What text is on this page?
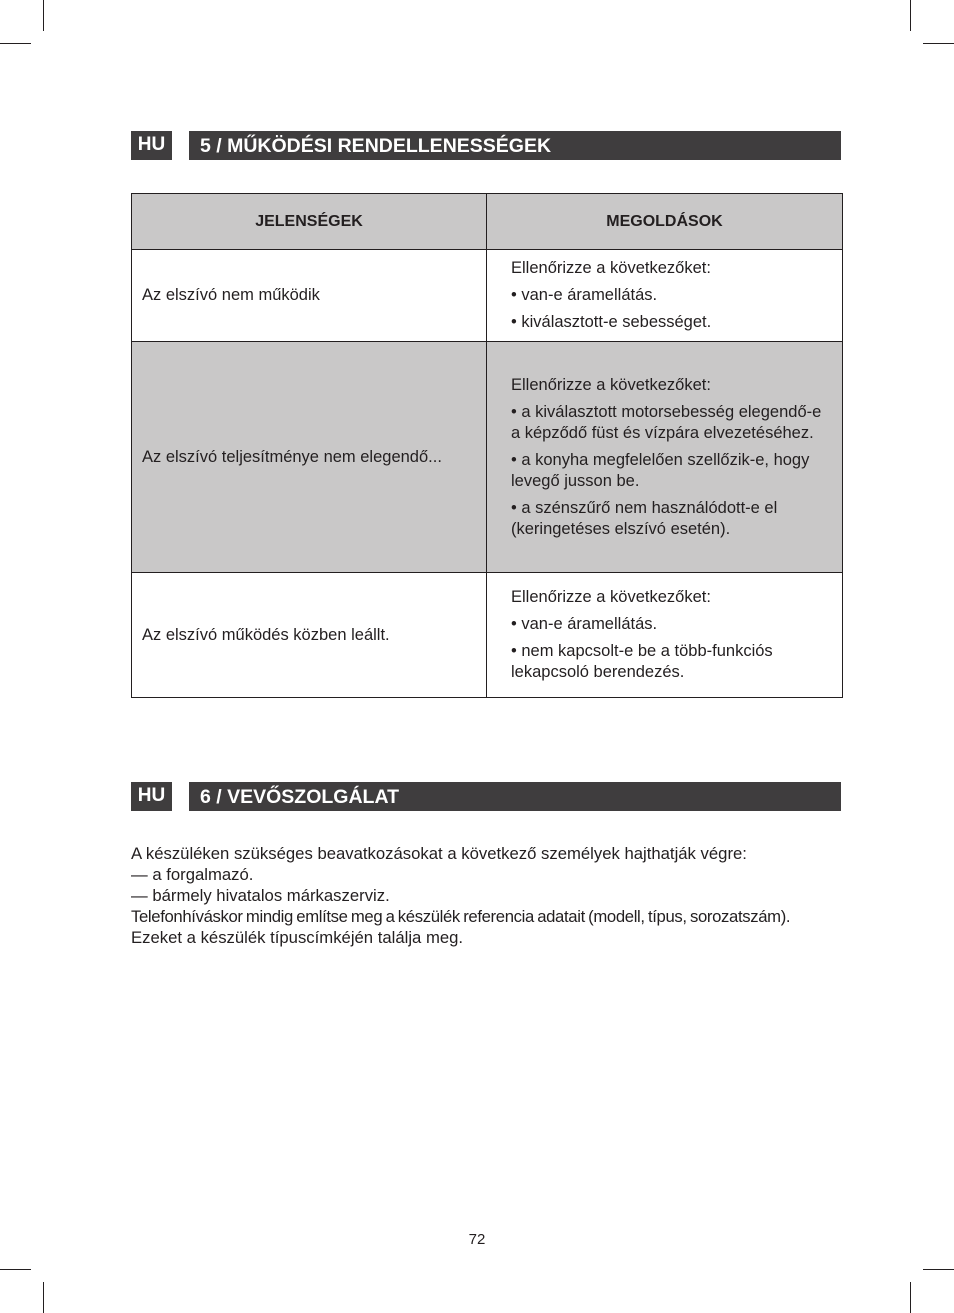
HU	5 / MŰKÖDÉSI RENDELLENESSÉGEK
JELENSÉGEK	MEGOLDÁSOK
Az elszívó nem működik	Ellenőrizze a következőket:

• van-e áramellátás.

• kiválasztott-e sebességet.

Az elszívó teljesítménye nem elegendő...	Ellenőrizze a következőket:

• a kiválasztott motorsebesség elegendő-e a képződő füst és vízpára elvezetéséhez.

• a konyha megfelelően szellőzik-e, hogy levegő jusson be.

• a szénszűrő nem használódott-e el (keringetéses elszívó esetén).

Az elszívó működés közben leállt.	Ellenőrizze a következőket:

• van-e áramellátás.

• nem kapcsolt-e be a több-funkciós lekapcsoló berendezés.

HU	6 / VEVŐSZOLGÁLAT

A készüléken szükséges beavatkozásokat a következő személyek hajthatják végre:

— a forgalmazó.

— bármely hivatalos márkaszerviz.

Telefonhíváskor mindig említse meg a készülék referencia adatait (modell, típus, sorozatszám).

Ezeket a készülék típuscímkéjén találja meg.

72
